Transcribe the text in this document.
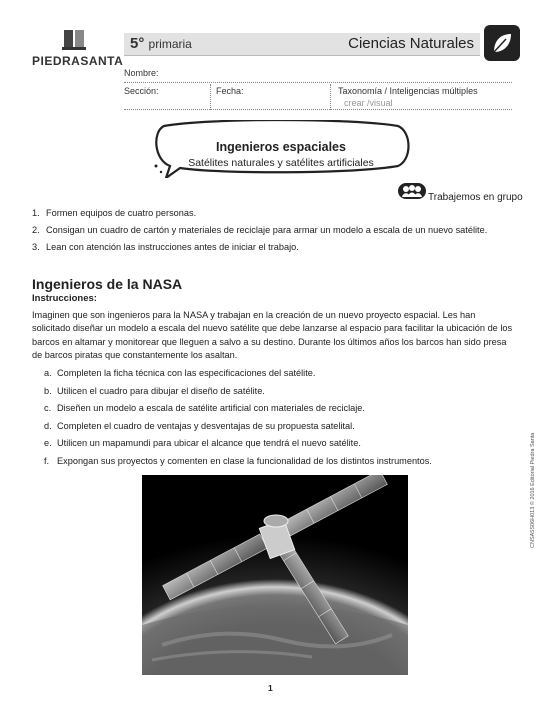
PIEDRASANTA
5° primaria	Ciencias Naturales
Nombre:
Sección:	Fecha:	Taxonomía / Inteligencias múltiples
crear /visual
Ingenieros espaciales
Satélites naturales y satélites artificiales
Trabajemos en grupo
1. Formen equipos de cuatro personas.
2. Consigan un cuadro de cartón y materiales de reciclaje para armar un modelo a escala de un nuevo satélite.
3. Lean con atención las instrucciones antes de iniciar el trabajo.
Ingenieros de la NASA
Instrucciones:
Imaginen que son ingenieros para la NASA y trabajan en la creación de un nuevo proyecto espacial. Les han solicitado diseñar un modelo a escala del nuevo satélite que debe lanzarse al espacio para facilitar la ubicación de los barcos en altamar y monitorear que lleguen a salvo a su destino. Durante los últimos años los barcos han sido presa de barcos piratas que constantemente los asaltan.
a. Completen la ficha técnica con las especificaciones del satélite.
b. Utilicen el cuadro para dibujar el diseño de satélite.
c. Diseñen un modelo a escala de satélite artificial con materiales de reciclaje.
d. Completen el cuadro de ventajas y desventajas de su propuesta satelital.
e. Utilicen un mapamundi para ubicar el alcance que tendrá el nuevo satélite.
f. Expongan sus proyectos y comenten en clase la funcionalidad de los distintos instrumentos.
1
CNSA5S06H013 © 2016 Editorial Piedra Santa
